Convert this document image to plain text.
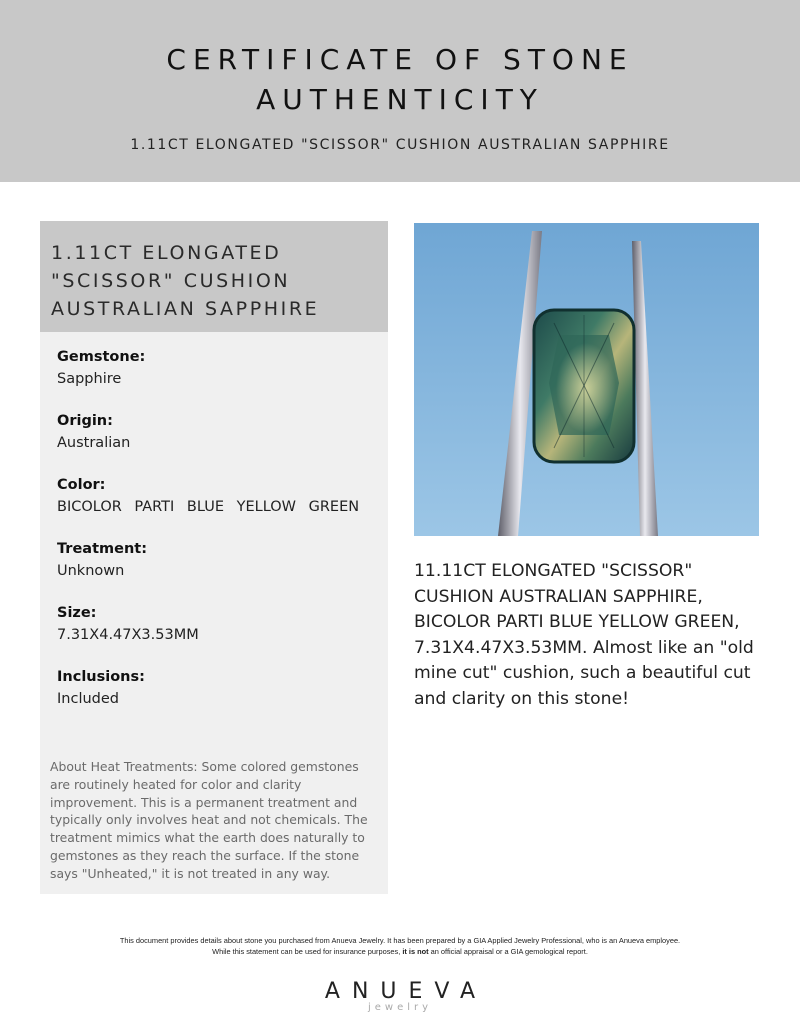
CERTIFICATE OF STONE
AUTHENTICITY
1.11CT ELONGATED "SCISSOR" CUSHION AUSTRALIAN SAPPHIRE
1.11CT ELONGATED "SCISSOR" CUSHION AUSTRALIAN SAPPHIRE
Gemstone:
Sapphire
Origin:
Australian
Color:
BICOLOR PARTI BLUE YELLOW GREEN
Treatment:
Unknown
Size:
7.31X4.47X3.53MM
Inclusions:
Included
About Heat Treatments: Some colored gemstones are routinely heated for color and clarity improvement. This is a permanent treatment and typically only involves heat and not chemicals. The treatment mimics what the earth does naturally to gemstones as they reach the surface. If the stone says "Unheated," it is not treated in any way.
11.11CT ELONGATED "SCISSOR" CUSHION AUSTRALIAN SAPPHIRE, BICOLOR PARTI BLUE YELLOW GREEN, 7.31X4.47X3.53MM. Almost like an "old mine cut" cushion, such a beautiful cut and clarity on this stone!
This document provides details about stone you purchased from Anueva Jewelry. It has been prepared by a GIA Applied Jewelry Professional, who is an Anueva employee.
While this statement can be used for insurance purposes, it is not an official appraisal or a GIA gemological report.
ANUEVA
jewelry
